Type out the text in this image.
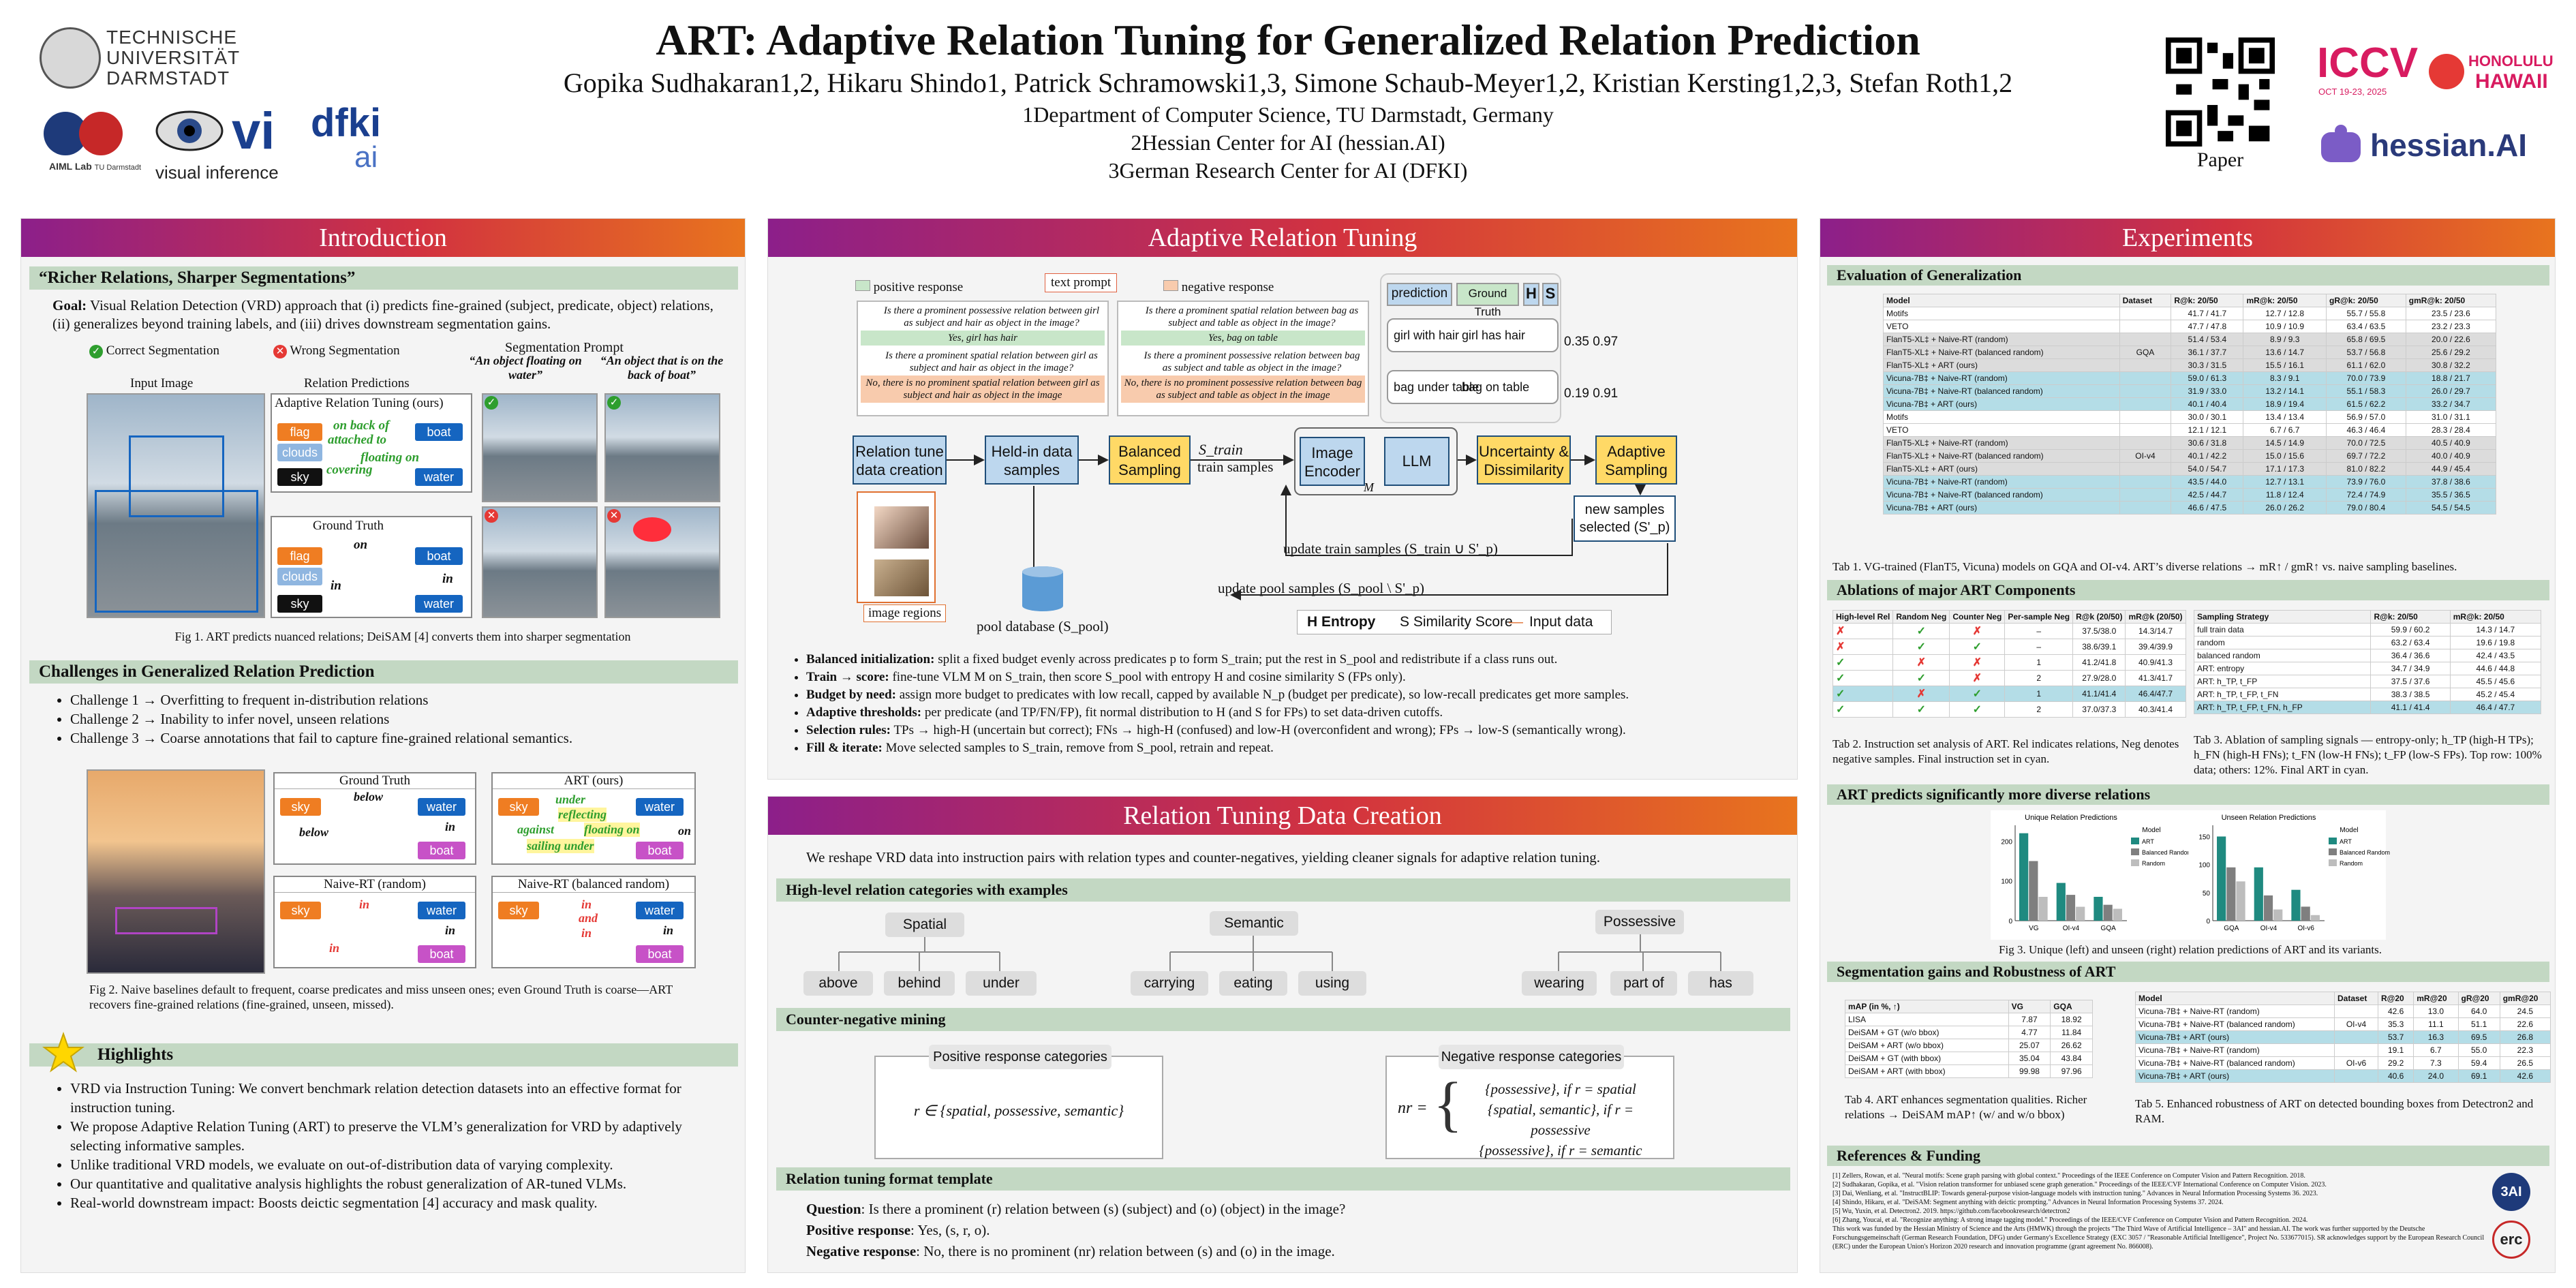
TECHNISCHE
UNIVERSITÄT
DARMSTADT
AIML Lab TU Darmstadt
vi
visual inference
dfki
ai
ART: Adaptive Relation Tuning for Generalized Relation Prediction
Gopika Sudhakaran1,2, Hikaru Shindo1, Patrick Schramowski1,3, Simone Schaub-Meyer1,2, Kristian Kersting1,2,3, Stefan Roth1,2
1Department of Computer Science, TU Darmstadt, Germany
2Hessian Center for AI (hessian.AI)
3German Research Center for AI (DFKI)	Paper
ICCV
OCT 19-23, 2025
HONOLULU
HAWAII
hessian.AI
Introduction
“Richer Relations, Sharper Segmentations”
Goal: Visual Relation Detection (VRD) approach that (i) predicts fine-grained (subject, predicate, object) relations, (ii) generalizes beyond training labels, and (iii) drives downstream segmentation gains.
✓ Correct Segmentation	✕ Wrong Segmentation	Segmentation Prompt
“An object floating on water”
“An object that is on the back of boat”
Input Image	Relation Predictions
Adaptive Relation Tuning (ours)
flag
clouds
sky
boat
water
on back of
attached to
floating on
covering
Ground Truth
flag
clouds
sky
boat
water
on
in
in
✓	✓
✕	✕
Fig 1. ART predicts nuanced relations; DeiSAM [4] converts them into sharper segmentation
Challenges in Generalized Relation Prediction
• Challenge 1 → Overfitting to frequent in-distribution relations
• Challenge 2 → Inability to infer novel, unseen relations
• Challenge 3 → Coarse annotations that fail to capture fine-grained relational semantics.
Ground Truth
sky	water
boat
below
below	in
ART (ours)
sky	water
boat
under
reflecting
against floating on
sailing under
on
Naive-RT (random)
sky	water
boat
in
in
in
Naive-RT (balanced random)
sky	water
boat
in
and
in	in
Fig 2. Naive baselines default to frequent, coarse predicates and miss unseen ones; even Ground Truth is coarse—ART recovers fine-grained relations (fine-grained, unseen, missed).
Highlights
• VRD via Instruction Tuning: We convert benchmark relation detection datasets into an effective format for instruction tuning.
• We propose Adaptive Relation Tuning (ART) to preserve the VLM’s generalization for VRD by adaptively selecting informative samples.
• Unlike traditional VRD models, we evaluate on out-of-distribution data of varying complexity.
• Our quantitative and qualitative analysis highlights the robust generalization of AR-tuned VLMs.
• Real-world downstream impact: Boosts deictic segmentation [4] accuracy and mask quality.
Adaptive Relation Tuning
positive response	text prompt	negative response
Is there a prominent possessive relation between girl as subject and hair as object in the image?
Yes, girl has hair
Is there a prominent spatial relation between girl as subject and hair as object in the image?
No, there is no prominent spatial relation between girl as subject and hair as object in the image
Is there a prominent spatial relation between bag as subject and table as object in the image?
Yes, bag on table
Is there a prominent possessive relation between bag as subject and table as object in the image?
No, there is no prominent possessive relation between bag as subject and table as object in the image
prediction	Ground Truth
H S
girl with hair girl has hair
bag under table
bag on table
0.35 0.97
0.19 0.91
Relation tune data creation
Held-in data samples
Balanced Sampling
S_train
train samples
Image Encoder
LLM
M
Uncertainty & Dissimilarity
Adaptive Sampling
new samples selected (S'_p)
update train samples (S_train ∪ S'_p)
update pool samples (S_pool \ S'_p)
image regions
pool database (S_pool)	H Entropy S Similarity Score
— Input data
• Balanced initialization: split a fixed budget evenly across predicates p to form S_train; put the rest in S_pool and redistribute if a class runs out.
• Train → score: fine-tune VLM M on S_train, then score S_pool with entropy H and cosine similarity S (FPs only).
• Budget by need: assign more budget to predicates with low recall, capped by available N_p (budget per predicate), so low-recall predicates get more samples.
• Adaptive thresholds: per predicate (and TP/FN/FP), fit normal distribution to H (and S for FPs) to set data-driven cutoffs.
• Selection rules: TPs → high-H (uncertain but correct); FNs → high-H (confused) and low-H (overconfident and wrong); FPs → low-S (semantically wrong).
• Fill & iterate: Move selected samples to S_train, remove from S_pool, retrain and repeat.
Relation Tuning Data Creation
We reshape VRD data into instruction pairs with relation types and counter-negatives, yielding cleaner signals for adaptive relation tuning.
High-level relation categories with examples
Spatial
above	behind	under
Semantic
carrying	eating	using
Possessive
wearing	part of	has
Counter-negative mining
Positive response categories
r ∈ {spatial, possessive, semantic}
Negative response categories
nr = {	{possessive}, if r = spatial
{spatial, semantic}, if r = possessive
{possessive}, if r = semantic
Relation tuning format template
Question: Is there a prominent (r) relation between (s) (subject) and (o) (object) in the image?
Positive response: Yes, (s, r, o).
Negative response: No, there is no prominent (nr) relation between (s) and (o) in the image.
Experiments
Evaluation of Generalization
Model	Dataset	R@k: 20/50	mR@k: 20/50	gR@k: 20/50	gmR@k: 20/50
Motifs		41.7 / 41.7	12.7 / 12.8	55.7 / 55.8	23.5 / 23.6
VETO		47.7 / 47.8	10.9 / 10.9	63.4 / 63.5	23.2 / 23.3
FlanT5-XL‡ + Naive-RT (random)		51.4 / 53.4	8.9 / 9.3	65.8 / 69.5	20.0 / 22.6
FlanT5-XL‡ + Naive-RT (balanced random)	GQA	36.1 / 37.7	13.6 / 14.7	53.7 / 56.8	25.6 / 29.2
FlanT5-XL‡ + ART (ours)		30.3 / 31.5	15.5 / 16.1	61.1 / 62.0	30.8 / 32.2
Vicuna-7B‡ + Naive-RT (random)		59.0 / 61.3	8.3 / 9.1	70.0 / 73.9	18.8 / 21.7
Vicuna-7B‡ + Naive-RT (balanced random)		31.9 / 33.0	13.2 / 14.1	55.1 / 58.3	26.0 / 29.7
Vicuna-7B‡ + ART (ours)		40.1 / 40.4	18.9 / 19.4	61.5 / 62.2	33.2 / 34.7
Motifs		30.0 / 30.1	13.4 / 13.4	56.9 / 57.0	31.0 / 31.1
VETO		12.1 / 12.1	6.7 / 6.7	46.3 / 46.4	28.3 / 28.4
FlanT5-XL‡ + Naive-RT (random)		30.6 / 31.8	14.5 / 14.9	70.0 / 72.5	40.5 / 40.9
FlanT5-XL‡ + Naive-RT (balanced random)	OI-v4	40.1 / 42.2	15.0 / 15.6	69.7 / 72.2	40.0 / 40.9
FlanT5-XL‡ + ART (ours)		54.0 / 54.7	17.1 / 17.3	81.0 / 82.2	44.9 / 45.4
Vicuna-7B‡ + Naive-RT (random)		43.5 / 44.0	12.7 / 13.1	73.9 / 76.0	37.8 / 38.6
Vicuna-7B‡ + Naive-RT (balanced random)		42.5 / 44.7	11.8 / 12.4	72.4 / 74.9	35.5 / 36.5
Vicuna-7B‡ + ART (ours)		46.6 / 47.5	26.0 / 26.2	79.0 / 80.4	54.5 / 54.5
Tab 1. VG-trained (FlanT5, Vicuna) models on GQA and OI-v4. ART’s diverse relations → mR↑ / gmR↑ vs. naive sampling baselines.
Ablations of major ART Components
High-level Rel	Random Neg	Counter Neg	Per-sample Neg	R@k (20/50)	mR@k (20/50)
✗	✓	✗	–	37.5/38.0	14.3/14.7
✗	✓	✓	–	38.6/39.1	39.4/39.9
✓	✗	✗	1	41.2/41.8	40.9/41.3
✓	✓	✗	2	27.9/28.0	41.3/41.7
✓	✗	✓	1	41.1/41.4	46.4/47.7
✓	✓	✓	2	37.0/37.3	40.3/41.4
Tab 2. Instruction set analysis of ART. Rel indicates relations, Neg denotes negative samples. Final instruction set in cyan.
Sampling Strategy	R@k: 20/50	mR@k: 20/50
full train data	59.9 / 60.2	14.3 / 14.7
random	63.2 / 63.4	19.6 / 19.8
balanced random	36.4 / 36.6	42.4 / 43.5
ART: entropy	34.7 / 34.9	44.6 / 44.8
ART: h_TP, t_FP	37.5 / 37.6	45.5 / 45.6
ART: h_TP, t_FP, t_FN	38.3 / 38.5	45.2 / 45.4
ART: h_TP, t_FP, t_FN, h_FP	41.1 / 41.4	46.4 / 47.7
Tab 3. Ablation of sampling signals — entropy-only; h_TP (high-H TPs); h_FN (high-H FNs); t_FN (low-H FNs); t_FP (low-S FPs). Top row: 100% data; others: 12%. Final ART in cyan.
ART predicts significantly more diverse relations
Unique Relation Predictions
0
100
200
VG	OI-v4	GQA
Model
ART
Balanced Random
Random
Unseen Relation Predictions
0
50
100
150
GQA	OI-v4	OI-v6
Model
ART
Balanced Random
Random
Fig 3. Unique (left) and unseen (right) relation predictions of ART and its variants.
Segmentation gains and Robustness of ART
mAP (in %, ↑)	VG	GQA
LISA	7.87	18.92
DeiSAM + GT (w/o bbox)	4.77	11.84
DeiSAM + ART (w/o bbox)	25.07	26.62
DeiSAM + GT (with bbox)	35.04	43.84
DeiSAM + ART (with bbox)	99.98	97.96
Tab 4. ART enhances segmentation qualities. Richer relations → DeiSAM mAP↑ (w/ and w/o bbox)
Model	Dataset	R@20	mR@20	gR@20	gmR@20
Vicuna-7B‡ + Naive-RT (random)		42.6	13.0	64.0	24.5
Vicuna-7B‡ + Naive-RT (balanced random)	OI-v4	35.3	11.1	51.1	22.6
Vicuna-7B‡ + ART (ours)		53.7	16.3	69.5	26.8
Vicuna-7B‡ + Naive-RT (random)		19.1	6.7	55.0	22.3
Vicuna-7B‡ + Naive-RT (balanced random)	OI-v6	29.2	7.3	59.4	26.5
Vicuna-7B‡ + ART (ours)		40.6	24.0	69.1	42.6
Tab 5. Enhanced robustness of ART on detected bounding boxes from Detectron2 and RAM.
References & Funding
[1] Zellers, Rowan, et al. "Neural motifs: Scene graph parsing with global context." Proceedings of the IEEE Conference on Computer Vision and Pattern Recognition. 2018.
[2] Sudhakaran, Gopika, et al. "Vision relation transformer for unbiased scene graph generation." Proceedings of the IEEE/CVF International Conference on Computer Vision. 2023.
[3] Dai, Wenliang, et al. "InstructBLIP: Towards general-purpose vision-language models with instruction tuning." Advances in Neural Information Processing Systems 36. 2023.
[4] Shindo, Hikaru, et al. "DeiSAM: Segment anything with deictic prompting." Advances in Neural Information Processing Systems 37. 2024.
[5] Wu, Yuxin, et al. Detectron2. 2019. https://github.com/facebookresearch/detectron2
[6] Zhang, Youcai, et al. "Recognize anything: A strong image tagging model." Proceedings of the IEEE/CVF Conference on Computer Vision and Pattern Recognition. 2024.
This work was funded by the Hessian Ministry of Science and the Arts (HMWK) through the projects "The Third Wave of Artificial Intelligence – 3AI" and hessian.AI. The work was further supported by the Deutsche Forschungsgemeinschaft (German Research Foundation, DFG) under Germany's Excellence Strategy (EXC 3057 / "Reasonable Artificial Intelligence", Project No. 533677015). SR acknowledges support by the European Research Council (ERC) under the European Union's Horizon 2020 research and innovation programme (grant agreement No. 866008).
3AI
erc
